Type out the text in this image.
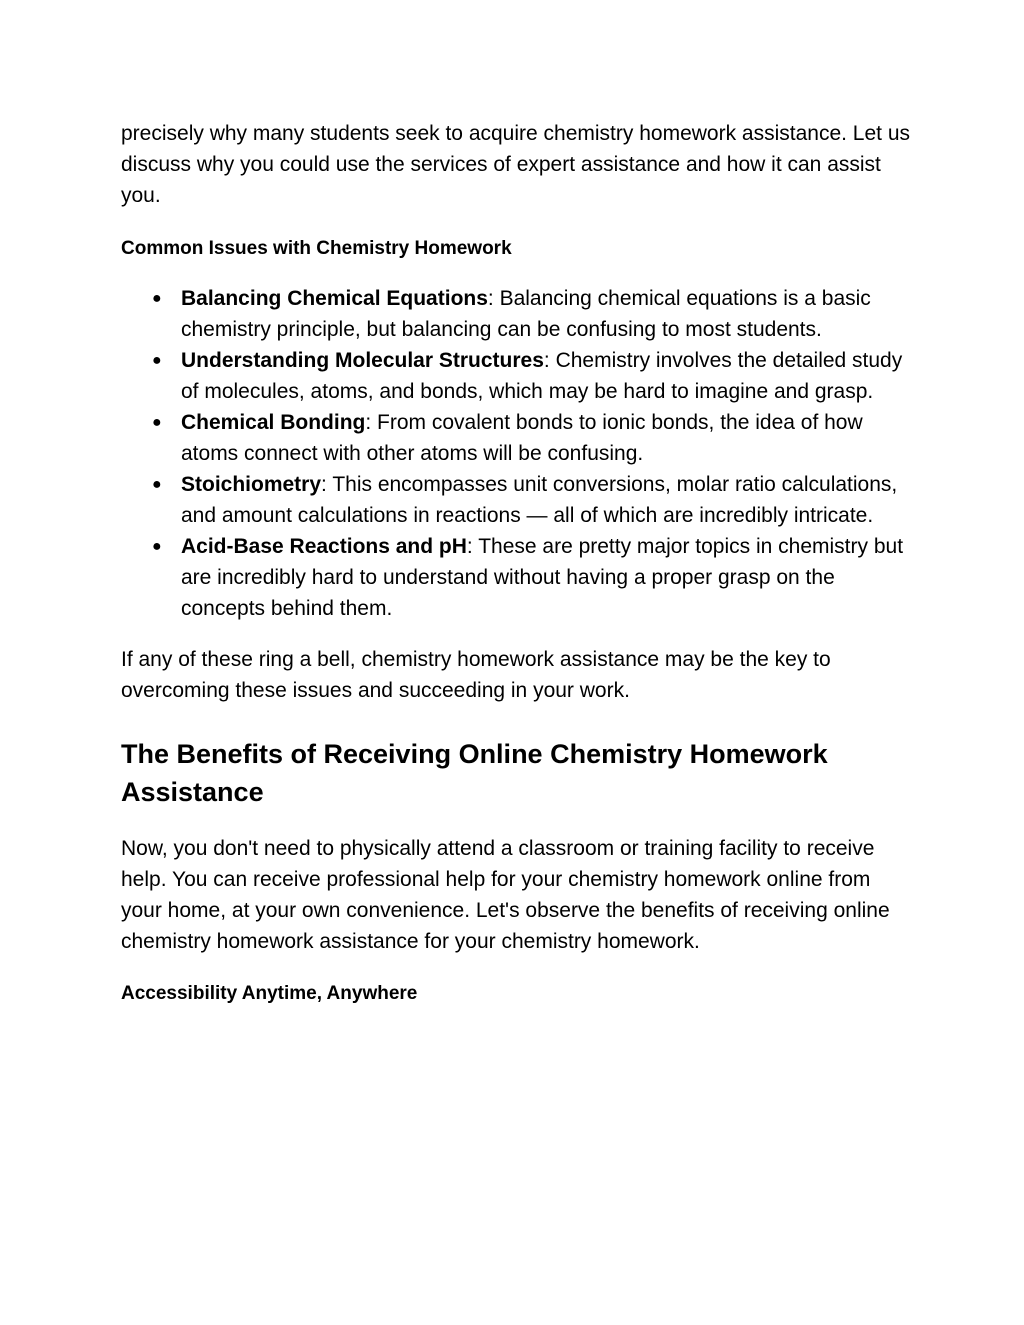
precisely why many students seek to acquire chemistry homework assistance. Let us discuss why you could use the services of expert assistance and how it can assist you.

Common Issues with Chemistry Homework
● Balancing Chemical Equations: Balancing chemical equations is a basic chemistry principle, but balancing can be confusing to most students.
● Understanding Molecular Structures: Chemistry involves the detailed study of molecules, atoms, and bonds, which may be hard to imagine and grasp.
● Chemical Bonding: From covalent bonds to ionic bonds, the idea of how atoms connect with other atoms will be confusing.
● Stoichiometry: This encompasses unit conversions, molar ratio calculations, and amount calculations in reactions — all of which are incredibly intricate.
● Acid-Base Reactions and pH: These are pretty major topics in chemistry but are incredibly hard to understand without having a proper grasp on the concepts behind them.

If any of these ring a bell, chemistry homework assistance may be the key to overcoming these issues and succeeding in your work.

The Benefits of Receiving Online Chemistry Homework Assistance

Now, you don't need to physically attend a classroom or training facility to receive help. You can receive professional help for your chemistry homework online from your home, at your own convenience. Let's observe the benefits of receiving online chemistry homework assistance for your chemistry homework.

Accessibility Anytime, Anywhere
